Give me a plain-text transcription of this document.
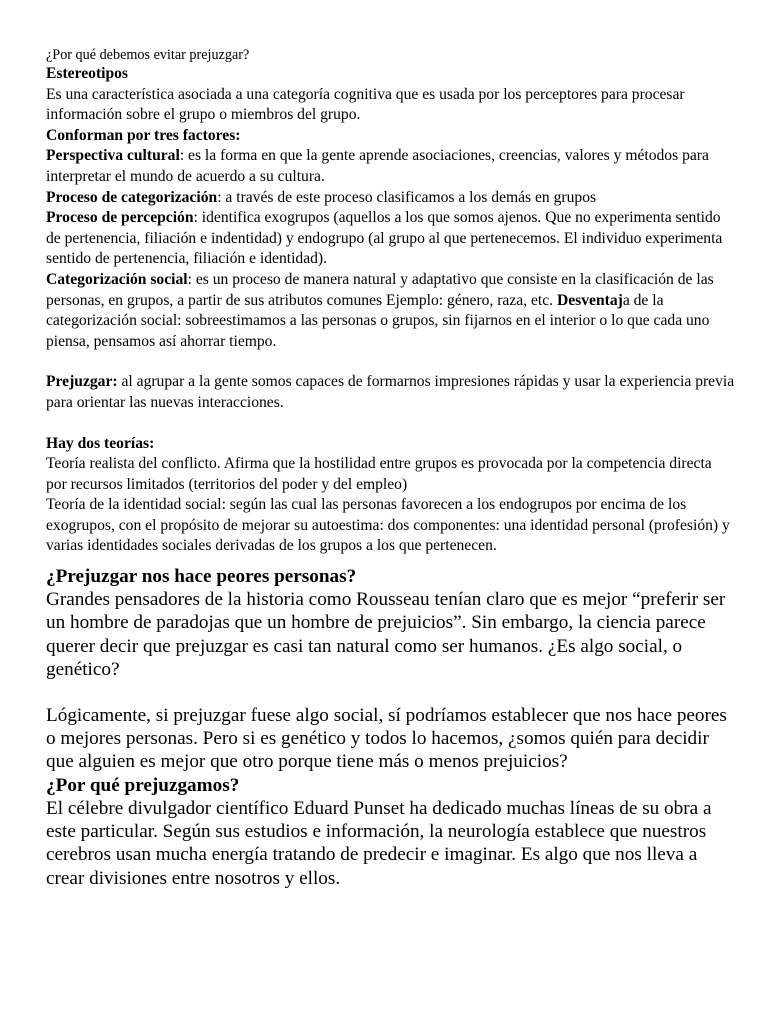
¿Por qué debemos evitar prejuzgar?

Estereotipos

Es una característica asociada a una categoría cognitiva que es usada por los perceptores para procesar información sobre el grupo o miembros del grupo.

Conforman por tres factores:

Perspectiva cultural: es la forma en que la gente aprende asociaciones, creencias, valores y métodos para interpretar el mundo de acuerdo a su cultura.

Proceso de categorización: a través de este proceso clasificamos a los demás en grupos

Proceso de percepción: identifica exogrupos (aquellos a los que somos ajenos. Que no experimenta sentido de pertenencia, filiación e indentidad) y endogrupo (al grupo al que pertenecemos. El individuo experimenta sentido de pertenencia, filiación e identidad).

Categorización social: es un proceso de manera natural y adaptativo que consiste en la clasificación de las personas, en grupos, a partir de sus atributos comunes Ejemplo: género, raza, etc. Desventaja de la categorización social: sobreestimamos a las personas o grupos, sin fijarnos en el interior o lo que cada uno piensa, pensamos así ahorrar tiempo.

Prejuzgar: al agrupar a la gente somos capaces de formarnos impresiones rápidas y usar la experiencia previa para orientar las nuevas interacciones.

Hay dos teorías:

Teoría realista del conflicto. Afirma que la hostilidad entre grupos es provocada por la competencia directa por recursos limitados (territorios del poder y del empleo)

Teoría de la identidad social: según las cual las personas favorecen a los endogrupos por encima de los exogrupos, con el propósito de mejorar su autoestima: dos componentes: una identidad personal (profesión) y varias identidades sociales derivadas de los grupos a los que pertenecen.

¿Prejuzgar nos hace peores personas?

Grandes pensadores de la historia como Rousseau tenían claro que es mejor “preferir ser un hombre de paradojas que un hombre de prejuicios”. Sin embargo, la ciencia parece querer decir que prejuzgar es casi tan natural como ser humanos. ¿Es algo social, o genético?

Lógicamente, si prejuzgar fuese algo social, sí podríamos establecer que nos hace peores o mejores personas. Pero si es genético y todos lo hacemos, ¿somos quién para decidir que alguien es mejor que otro porque tiene más o menos prejuicios?

¿Por qué prejuzgamos?

El célebre divulgador científico Eduard Punset ha dedicado muchas líneas de su obra a este particular. Según sus estudios e información, la neurología establece que nuestros cerebros usan mucha energía tratando de predecir e imaginar. Es algo que nos lleva a crear divisiones entre nosotros y ellos.
